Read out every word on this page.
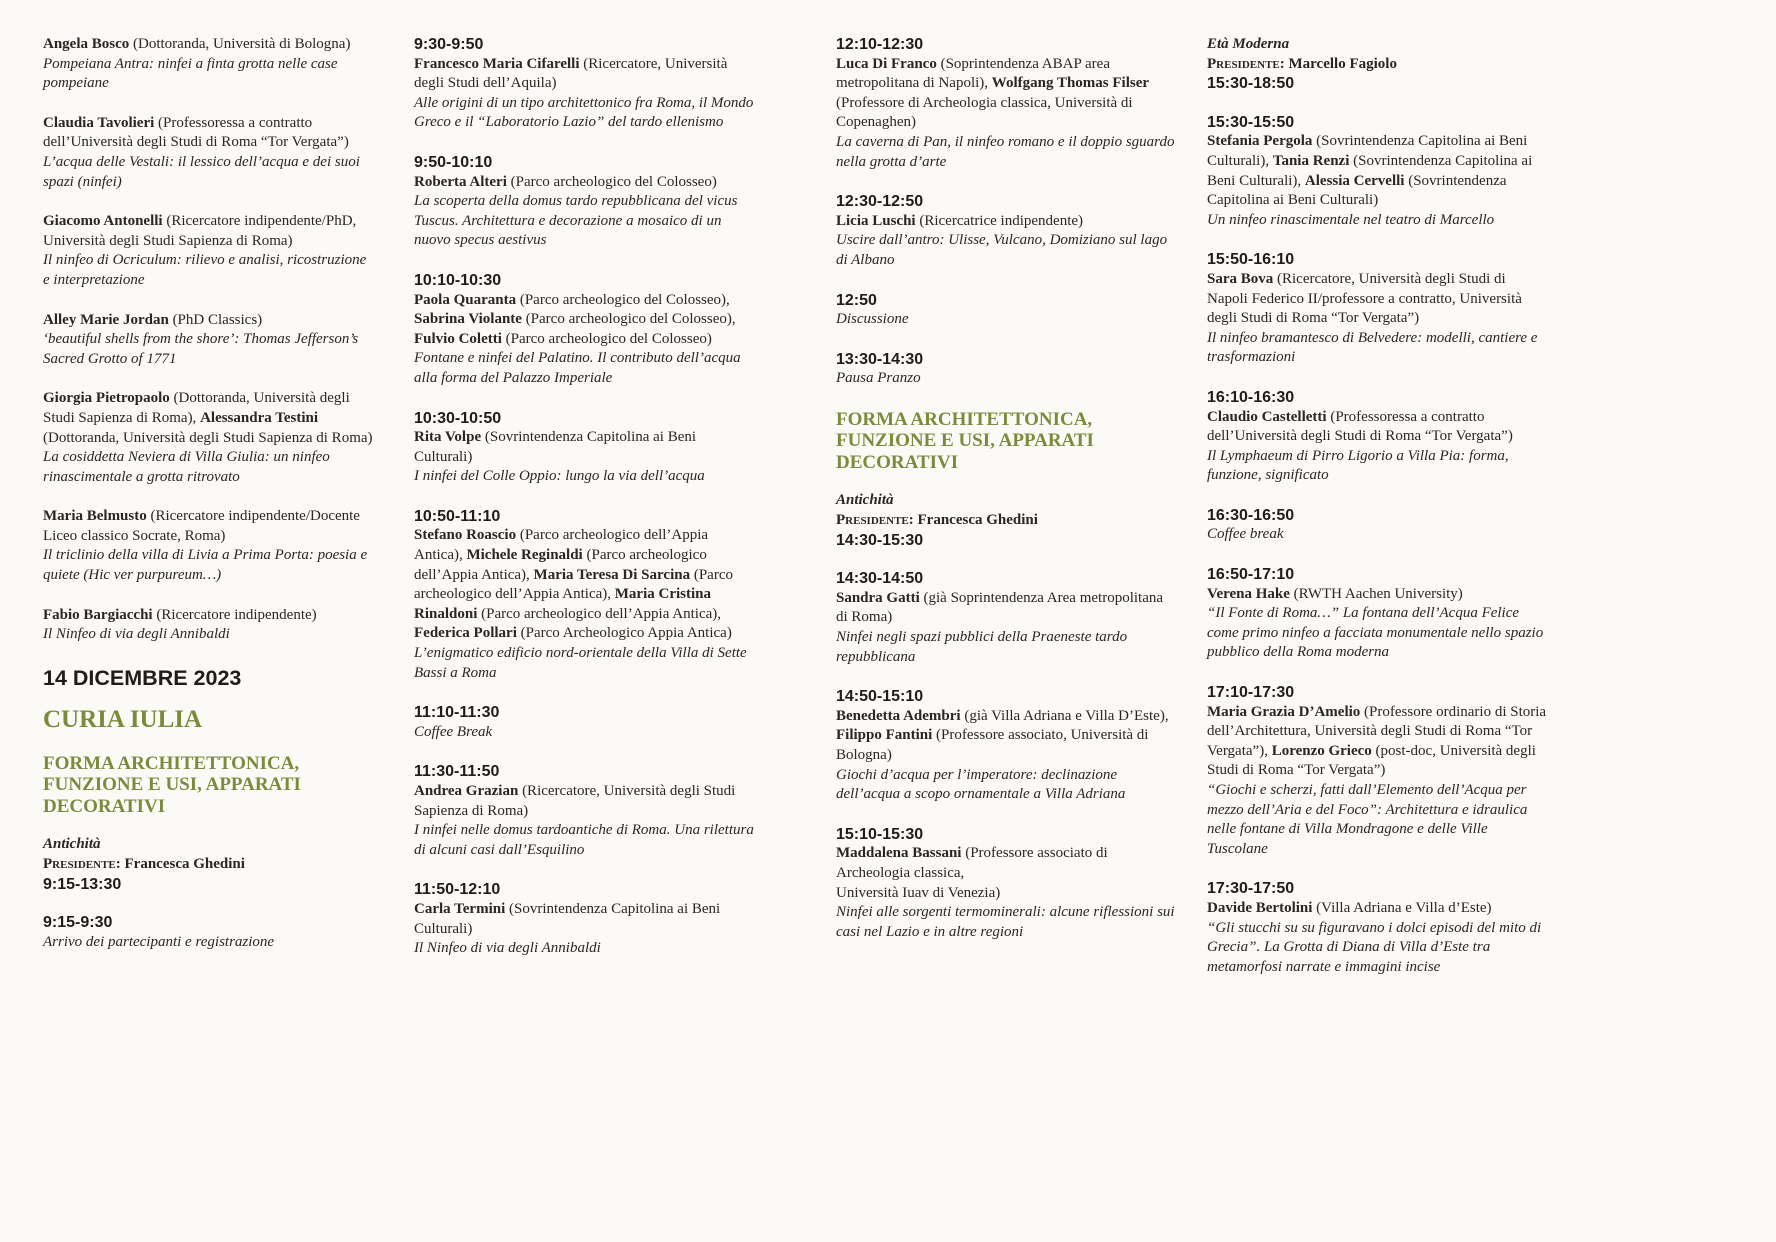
Angela Bosco (Dottoranda, Università di Bologna)
Pompeiana Antra: ninfei a finta grotta nelle case pompeiane
Claudia Tavolieri (Professoressa a contratto dell’Università degli Studi di Roma “Tor Vergata”)
L’acqua delle Vestali: il lessico dell’acqua e dei suoi spazi (ninfei)
Giacomo Antonelli (Ricercatore indipendente/PhD, Università degli Studi Sapienza di Roma)
Il ninfeo di Ocriculum: rilievo e analisi, ricostruzione e interpretazione
Alley Marie Jordan (PhD Classics)
‘beautiful shells from the shore’: Thomas Jefferson’s Sacred Grotto of 1771
Giorgia Pietropaolo (Dottoranda, Università degli Studi Sapienza di Roma), Alessandra Testini (Dottoranda, Università degli Studi Sapienza di Roma)
La cosiddetta Neviera di Villa Giulia: un ninfeo rinascimentale a grotta ritrovato
Maria Belmusto (Ricercatore indipendente/Docente Liceo classico Socrate, Roma)
Il triclinio della villa di Livia a Prima Porta: poesia e quiete (Hic ver purpureum…)
Fabio Bargiacchi (Ricercatore indipendente)
Il Ninfeo di via degli Annibaldi
14 DICEMBRE 2023
CURIA IULIA
FORMA ARCHITETTONICA, FUNZIONE E USI, APPARATI DECORATIVI
Antichità
Presidente: Francesca Ghedini
9:15-13:30
9:15-9:30
Arrivo dei partecipanti e registrazione
9:30-9:50
Francesco Maria Cifarelli (Ricercatore, Università degli Studi dell’Aquila)
Alle origini di un tipo architettonico fra Roma, il Mondo Greco e il “Laboratorio Lazio” del tardo ellenismo
9:50-10:10
Roberta Alteri (Parco archeologico del Colosseo)
La scoperta della domus tardo repubblicana del vicus Tuscus. Architettura e decorazione a mosaico di un nuovo specus aestivus
10:10-10:30
Paola Quaranta (Parco archeologico del Colosseo), Sabrina Violante (Parco archeologico del Colosseo), Fulvio Coletti (Parco archeologico del Colosseo)
Fontane e ninfei del Palatino. Il contributo dell’acqua alla forma del Palazzo Imperiale
10:30-10:50
Rita Volpe (Sovrintendenza Capitolina ai Beni Culturali)
I ninfei del Colle Oppio: lungo la via dell’acqua
10:50-11:10
Stefano Roascio (Parco archeologico dell’Appia Antica), Michele Reginaldi (Parco archeologico dell’Appia Antica), Maria Teresa Di Sarcina (Parco archeologico dell’Appia Antica), Maria Cristina Rinaldoni (Parco archeologico dell’Appia Antica), Federica Pollari (Parco Archeologico Appia Antica)
L’enigmatico edificio nord-orientale della Villa di Sette Bassi a Roma
11:10-11:30
Coffee Break
11:30-11:50
Andrea Grazian (Ricercatore, Università degli Studi Sapienza di Roma)
I ninfei nelle domus tardoantiche di Roma. Una rilettura di alcuni casi dall’Esquilino
11:50-12:10
Carla Termini (Sovrintendenza Capitolina ai Beni Culturali)
Il Ninfeo di via degli Annibaldi
12:10-12:30
Luca Di Franco (Soprintendenza ABAP area metropolitana di Napoli), Wolfgang Thomas Filser (Professore di Archeologia classica, Università di Copenaghen)
La caverna di Pan, il ninfeo romano e il doppio sguardo nella grotta d’arte
12:30-12:50
Licia Luschi (Ricercatrice indipendente)
Uscire dall’antro: Ulisse, Vulcano, Domiziano sul lago di Albano
12:50
Discussione
13:30-14:30
Pausa Pranzo
FORMA ARCHITETTONICA, FUNZIONE E USI, APPARATI DECORATIVI
Antichità
Presidente: Francesca Ghedini
14:30-15:30
14:30-14:50
Sandra Gatti (già Soprintendenza Area metropolitana di Roma)
Ninfei negli spazi pubblici della Praeneste tardo repubblicana
14:50-15:10
Benedetta Adembri (già Villa Adriana e Villa D’Este), Filippo Fantini (Professore associato, Università di Bologna)
Giochi d’acqua per l’imperatore: declinazione dell’acqua a scopo ornamentale a Villa Adriana
15:10-15:30
Maddalena Bassani (Professore associato di Archeologia classica,
Università Iuav di Venezia)
Ninfei alle sorgenti termominerali: alcune riflessioni sui casi nel Lazio e in altre regioni
Età Moderna
Presidente: Marcello Fagiolo
15:30-18:50
15:30-15:50
Stefania Pergola (Sovrintendenza Capitolina ai Beni Culturali), Tania Renzi (Sovrintendenza Capitolina ai Beni Culturali), Alessia Cervelli (Sovrintendenza Capitolina ai Beni Culturali)
Un ninfeo rinascimentale nel teatro di Marcello
15:50-16:10
Sara Bova (Ricercatore, Università degli Studi di Napoli Federico II/professore a contratto, Università degli Studi di Roma “Tor Vergata”)
Il ninfeo bramantesco di Belvedere: modelli, cantiere e trasformazioni
16:10-16:30
Claudio Castelletti (Professoressa a contratto dell’Università degli Studi di Roma “Tor Vergata”)
Il Lymphaeum di Pirro Ligorio a Villa Pia: forma, funzione, significato
16:30-16:50
Coffee break
16:50-17:10
Verena Hake (RWTH Aachen University)
“Il Fonte di Roma…” La fontana dell’Acqua Felice come primo ninfeo a facciata monumentale nello spazio pubblico della Roma moderna
17:10-17:30
Maria Grazia D’Amelio (Professore ordinario di Storia dell’Architettura, Università degli Studi di Roma “Tor Vergata”), Lorenzo Grieco (post-doc, Università degli Studi di Roma “Tor Vergata”)
“Giochi e scherzi, fatti dall’Elemento dell’Acqua per mezzo dell’Aria e del Foco”: Architettura e idraulica nelle fontane di Villa Mondragone e delle Ville Tuscolane
17:30-17:50
Davide Bertolini (Villa Adriana e Villa d’Este)
“Gli stucchi su su figuravano i dolci episodi del mito di Grecia”. La Grotta di Diana di Villa d’Este tra metamorfosi narrate e immagini incise
